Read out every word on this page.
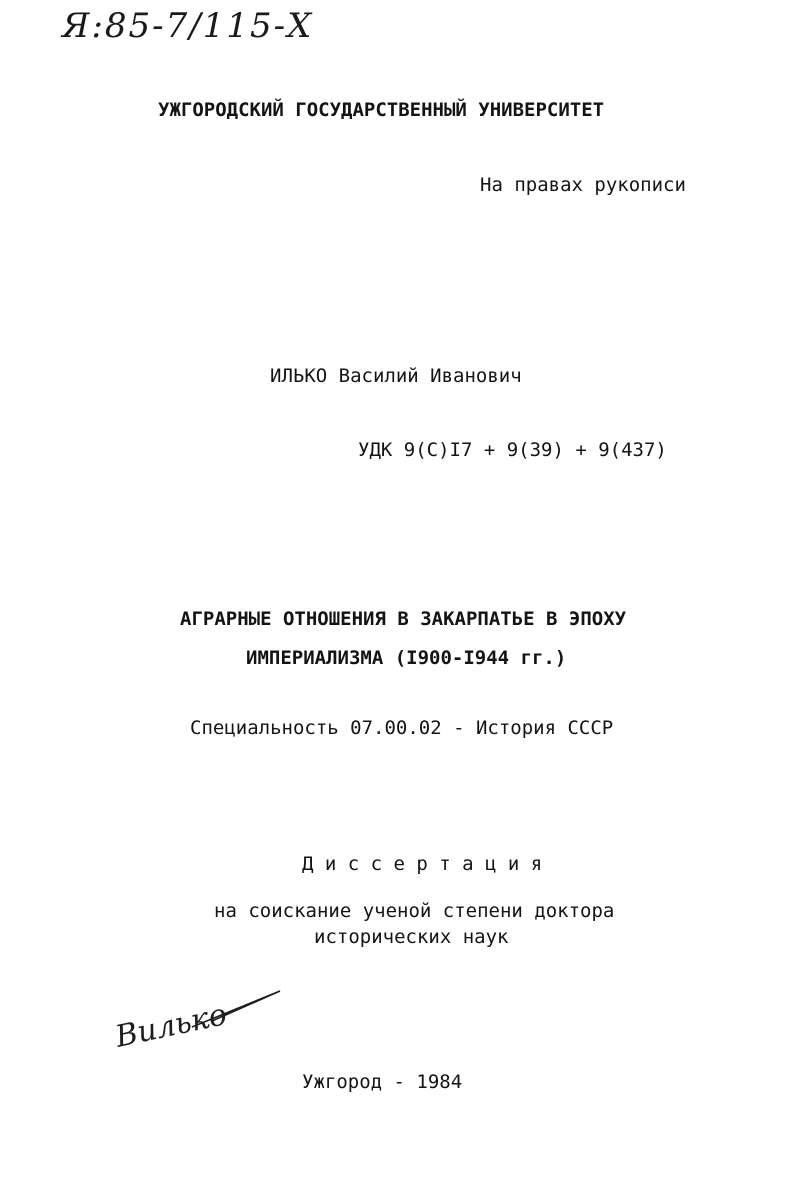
Я:85-7/115-Х
УЖГОРОДСКИЙ ГОСУДАРСТВЕННЫЙ УНИВЕРСИТЕТ
На правах рукописи
ИЛЬКО Василий Иванович
УДК 9(С)I7 + 9(39) + 9(437)
АГРАРНЫЕ ОТНОШЕНИЯ В ЗАКАРПАТЬЕ В ЭПОХУ
ИМПЕРИАЛИЗМА (I900-I944 гг.)
Специальность 07.00.02 - История СССР
Д и с с е р т а ц и я
на соискание ученой степени доктора
исторических наук
Вилько
Ужгород - 1984
